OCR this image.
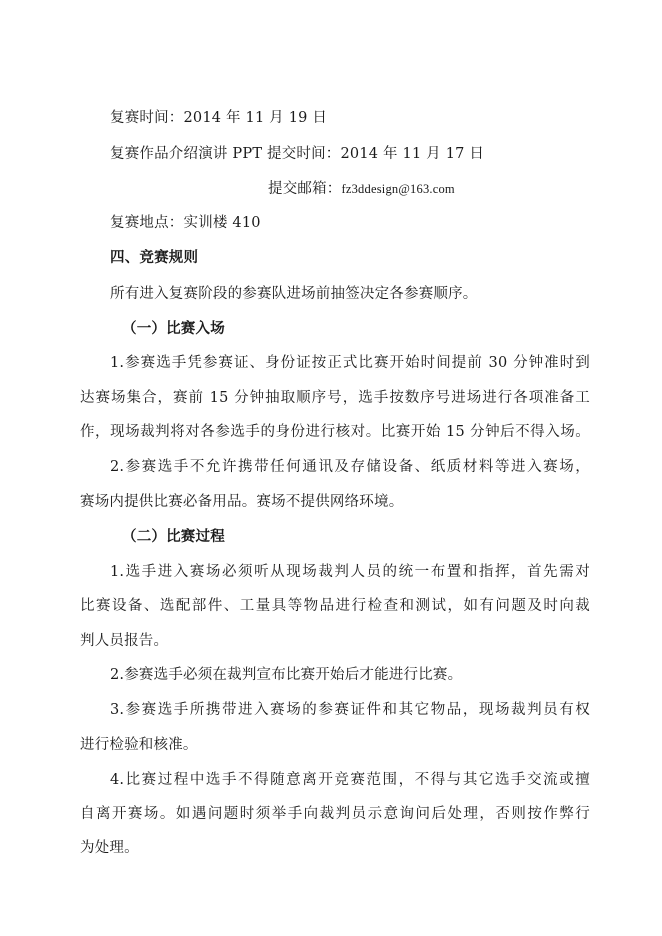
复赛时间：2014 年 11 月 19 日
复赛作品介绍演讲 PPT 提交时间：2014 年 11 月 17 日
提交邮箱：fz3ddesign@163.com
复赛地点：实训楼 410
四、竞赛规则
所有进入复赛阶段的参赛队进场前抽签决定各参赛顺序。
（一）比赛入场
1.参赛选手凭参赛证、身份证按正式比赛开始时间提前 30 分钟准时到
达赛场集合，赛前 15 分钟抽取顺序号，选手按数序号进场进行各项准备工
作，现场裁判将对各参选手的身份进行核对。比赛开始 15 分钟后不得入场。
2.参赛选手不允许携带任何通讯及存储设备、纸质材料等进入赛场，
赛场内提供比赛必备用品。赛场不提供网络环境。
（二）比赛过程
1.选手进入赛场必须听从现场裁判人员的统一布置和指挥，首先需对
比赛设备、选配部件、工量具等物品进行检查和测试，如有问题及时向裁
判人员报告。
2.参赛选手必须在裁判宣布比赛开始后才能进行比赛。
3.参赛选手所携带进入赛场的参赛证件和其它物品，现场裁判员有权
进行检验和核准。
4.比赛过程中选手不得随意离开竞赛范围，不得与其它选手交流或擅
自离开赛场。如遇问题时须举手向裁判员示意询问后处理，否则按作弊行
为处理。
